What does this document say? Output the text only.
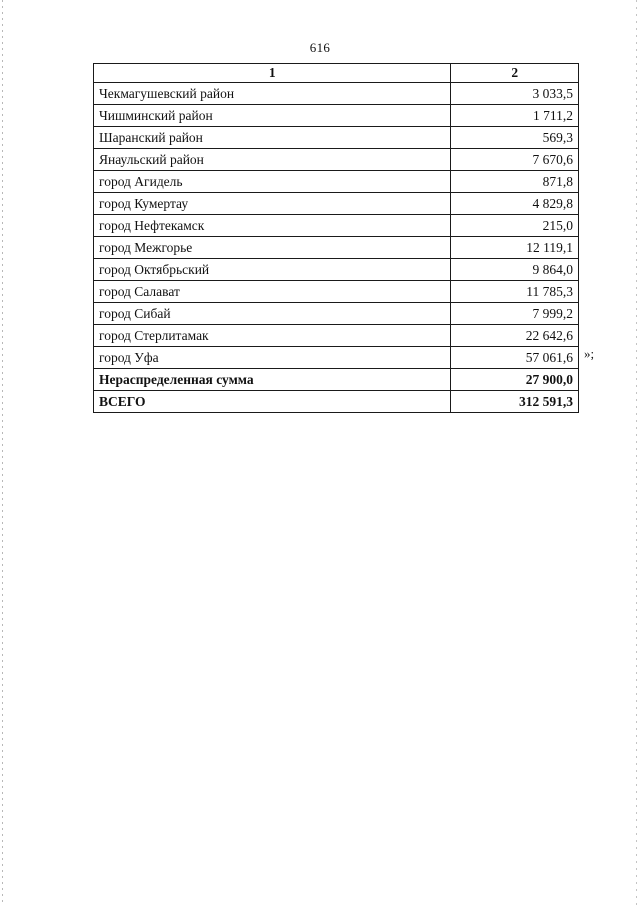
616
1	2
Чекмагушевский район	3 033,5
Чишминский район	1 711,2
Шаранский район	569,3
Янаульский район	7 670,6
город Агидель	871,8
город Кумертау	4 829,8
город Нефтекамск	215,0
город Межгорье	12 119,1
город Октябрьский	9 864,0
город Салават	11 785,3
город Сибай	7 999,2
город Стерлитамак	22 642,6
город Уфа	57 061,6
Нераспределенная сумма	27 900,0
ВСЕГО	312 591,3
»;
